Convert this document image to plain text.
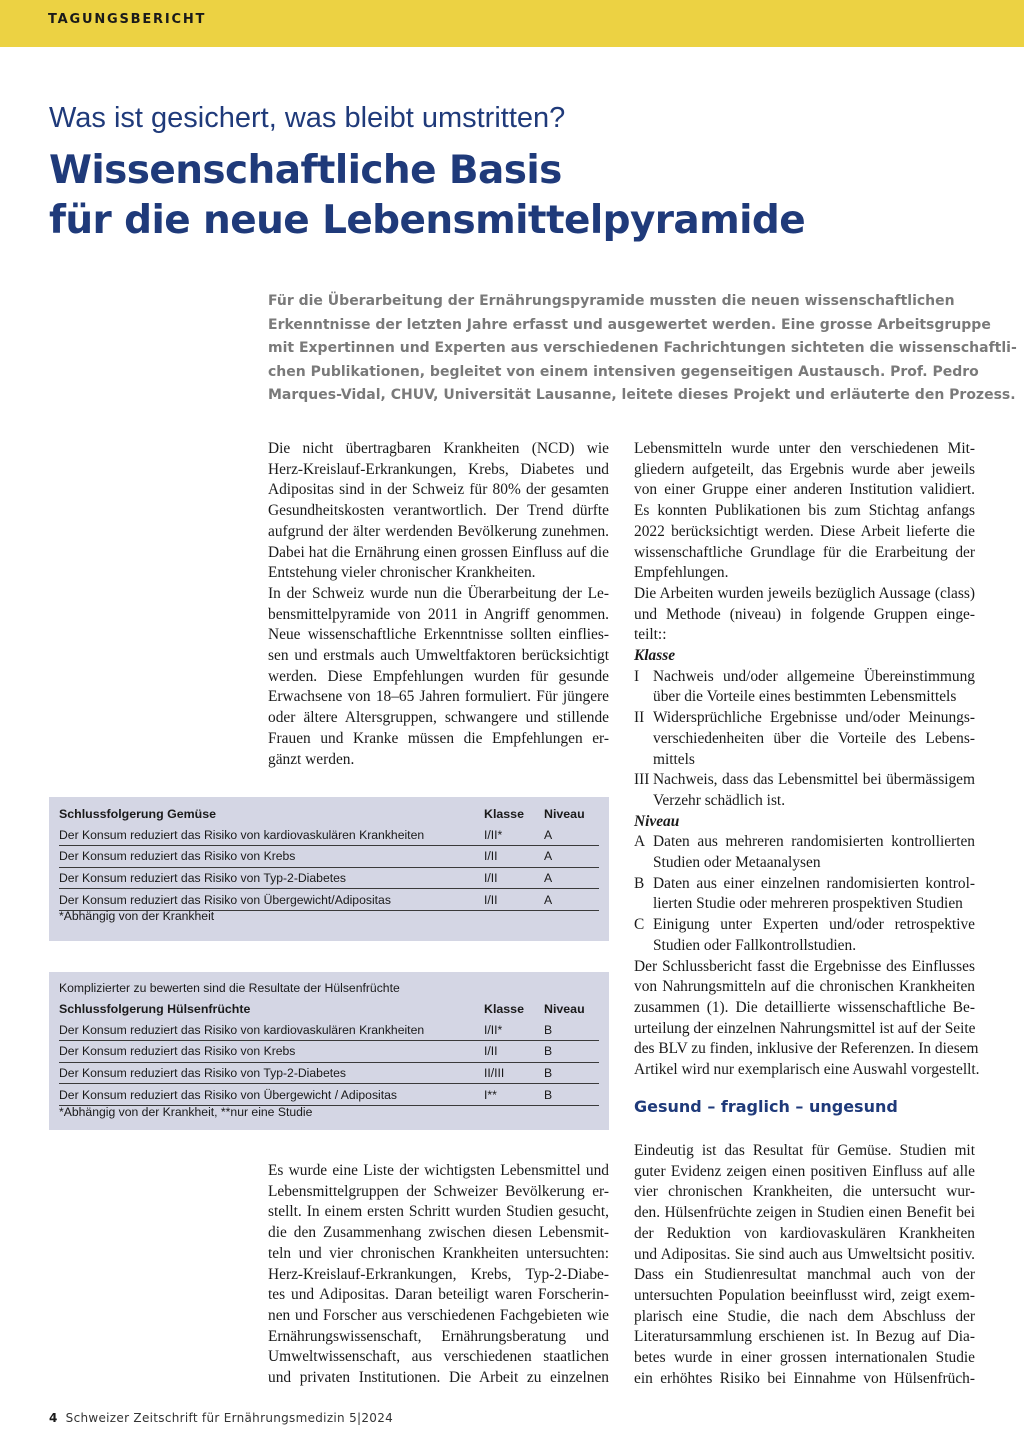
TAGUNGSBERICHT
Was ist gesichert, was bleibt umstritten?
Wissenschaftliche Basis
für die neue Lebensmittelpyramide
Für die Überarbeitung der Ernährungspyramide mussten die neuen wissenschaftlichen
Erkenntnisse der letzten Jahre erfasst und ausgewertet werden. Eine grosse Arbeitsgruppe
mit Expertinnen und Experten aus verschiedenen Fachrichtungen sichteten die wissenschaftli-
chen Publikationen, begleitet von einem intensiven gegenseitigen Austausch. Prof. Pedro
Marques-Vidal, CHUV, Universität Lausanne, leitete dieses Projekt und erläuterte den Prozess.
Die nicht übertragbaren Krankheiten (NCD) wie
Herz-Kreislauf-Erkrankungen, Krebs, Diabetes und
Adipositas sind in der Schweiz für 80% der gesamten
Gesundheitskosten verantwortlich. Der Trend dürfte
aufgrund der älter werdenden Bevölkerung zunehmen.
Dabei hat die Ernährung einen grossen Einfluss auf die
Entstehung vieler chronischer Krankheiten.
In der Schweiz wurde nun die Überarbeitung der Le-
bensmittelpyramide von 2011 in Angriff genommen.
Neue wissenschaftliche Erkenntnisse sollten einflies-
sen und erstmals auch Umweltfaktoren berücksichtigt
werden. Diese Empfehlungen wurden für gesunde
Erwachsene von 18–65 Jahren formuliert. Für jüngere
oder ältere Altersgruppen, schwangere und stillende
Frauen und Kranke müssen die Empfehlungen er-
gänzt werden.
Schlussfolgerung Gemüse	Klasse	Niveau
Der Konsum reduziert das Risiko von kardiovaskulären Krankheiten	I/II*	A
Der Konsum reduziert das Risiko von Krebs	I/II	A
Der Konsum reduziert das Risiko von Typ-2-Diabetes	I/II	A
Der Konsum reduziert das Risiko von Übergewicht/Adipositas	I/II	A
*Abhängig von der Krankheit
Komplizierter zu bewerten sind die Resultate der Hülsenfrüchte
Schlussfolgerung Hülsenfrüchte	Klasse	Niveau
Der Konsum reduziert das Risiko von kardiovaskulären Krankheiten	I/II*	B
Der Konsum reduziert das Risiko von Krebs	I/II	B
Der Konsum reduziert das Risiko von Typ-2-Diabetes	II/III	B
Der Konsum reduziert das Risiko von Übergewicht / Adipositas	I**	B
*Abhängig von der Krankheit, **nur eine Studie
Es wurde eine Liste der wichtigsten Lebensmittel und
Lebensmittelgruppen der Schweizer Bevölkerung er-
stellt. In einem ersten Schritt wurden Studien gesucht,
die den Zusammenhang zwischen diesen Lebensmit-
teln und vier chronischen Krankheiten untersuchten:
Herz-Kreislauf-Erkrankungen, Krebs, Typ-2-Diabe-
tes und Adipositas. Daran beteiligt waren Forscherin-
nen und Forscher aus verschiedenen Fachgebieten wie
Ernährungswissenschaft, Ernährungsberatung und
Umweltwissenschaft, aus verschiedenen staatlichen
und privaten Institutionen. Die Arbeit zu einzelnen
Lebensmitteln wurde unter den verschiedenen Mit-
gliedern aufgeteilt, das Ergebnis wurde aber jeweils
von einer Gruppe einer anderen Institution validiert.
Es konnten Publikationen bis zum Stichtag anfangs
2022 berücksichtigt werden. Diese Arbeit lieferte die
wissenschaftliche Grundlage für die Erarbeitung der
Empfehlungen.
Die Arbeiten wurden jeweils bezüglich Aussage (class)
und Methode (niveau) in folgende Gruppen einge-
teilt::
Klasse
I Nachweis und/oder allgemeine Übereinstimmung
über die Vorteile eines bestimmten Lebensmittels
II Widersprüchliche Ergebnisse und/oder Meinungs-
verschiedenheiten über die Vorteile des Lebens-
mittels
III Nachweis, dass das Lebensmittel bei übermässigem
Verzehr schädlich ist.
Niveau
A Daten aus mehreren randomisierten kontrollierten
Studien oder Metaanalysen
B Daten aus einer einzelnen randomisierten kontrol-
lierten Studie oder mehreren prospektiven Studien
C Einigung unter Experten und/oder retrospektive
Studien oder Fallkontrollstudien.
Der Schlussbericht fasst die Ergebnisse des Einflusses
von Nahrungsmitteln auf die chronischen Krankheiten
zusammen (1). Die detaillierte wissenschaftliche Be-
urteilung der einzelnen Nahrungsmittel ist auf der Seite
des BLV zu finden, inklusive der Referenzen. In diesem
Artikel wird nur exemplarisch eine Auswahl vorgestellt.
Gesund – fraglich – ungesund
Eindeutig ist das Resultat für Gemüse. Studien mit
guter Evidenz zeigen einen positiven Einfluss auf alle
vier chronischen Krankheiten, die untersucht wur-
den. Hülsenfrüchte zeigen in Studien einen Benefit bei
der Reduktion von kardiovaskulären Krankheiten
und Adipositas. Sie sind auch aus Umweltsicht positiv.
Dass ein Studienresultat manchmal auch von der
untersuchten Population beeinflusst wird, zeigt exem-
plarisch eine Studie, die nach dem Abschluss der
Literatursammlung erschienen ist. In Bezug auf Dia-
betes wurde in einer grossen internationalen Studie
ein erhöhtes Risiko bei Einnahme von Hülsenfrüch-
4 Schweizer Zeitschrift für Ernährungsmedizin 5|2024
